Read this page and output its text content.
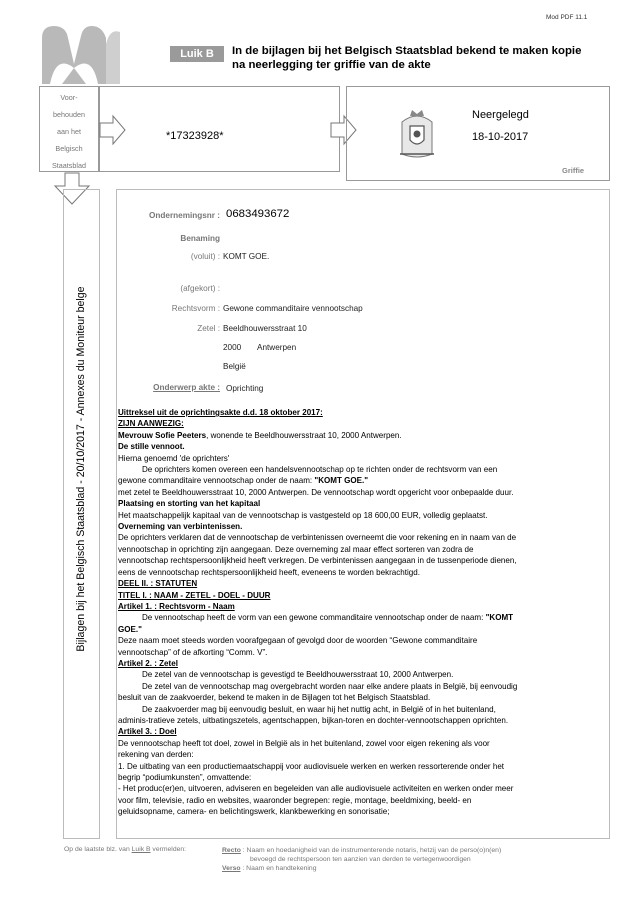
Mod PDF 11.1
Luik B	In de bijlagen bij het Belgisch Staatsblad bekend te maken kopie
na neerlegging ter griffie van de akte
Voor-
behouden
aan het
Belgisch
Staatsblad
*17323928*
Neergelegd
18-10-2017
Griffie
Bijlagen bij het Belgisch Staatsblad - 20/10/2017 - Annexes du Moniteur belge
Ondernemingsnr : 0683493672
Benaming
(voluit) : KOMT GOE.
(afgekort) :
Rechtsvorm : Gewone commanditaire vennootschap
Zetel : Beeldhouwersstraat 10
2000 Antwerpen
België
Onderwerp akte : Oprichting

Uittreksel uit de oprichtingsakte d.d. 18 oktober 2017:

ZIJN AANWEZIG:

Mevrouw Sofie Peeters, wonende te Beeldhouwersstraat 10, 2000 Antwerpen.

De stille vennoot.

Hierna genoemd 'de oprichters'

De oprichters komen overeen een handelsvennootschap op te richten onder de rechtsvorm van een

gewone commanditaire vennootschap onder de naam: "KOMT GOE."

met zetel te Beeldhouwersstraat 10, 2000 Antwerpen. De vennootschap wordt opgericht voor onbepaalde duur.

Plaatsing en storting van het kapitaal

Het maatschappelijk kapitaal van de vennootschap is vastgesteld op 18 600,00 EUR, volledig geplaatst.

Overneming van verbintenissen.

De oprichters verklaren dat de vennootschap de verbintenissen overneemt die voor rekening en in naam van de

vennootschap in oprichting zijn aangegaan. Deze overneming zal maar effect sorteren van zodra de

vennootschap rechtspersoonlijkheid heeft verkregen. De verbintenissen aangegaan in de tussenperiode dienen,

eens de vennootschap rechtspersoonlijkheid heeft, eveneens te worden bekrachtigd.

DEEL II. : STATUTEN

TITEL I. : NAAM - ZETEL - DOEL - DUUR

Artikel 1. : Rechtsvorm - Naam

De vennootschap heeft de vorm van een gewone commanditaire vennootschap onder de naam: "KOMT

GOE."

Deze naam moet steeds worden voorafgegaan of gevolgd door de woorden “Gewone commanditaire

vennootschap” of de afkorting “Comm. V”.

Artikel 2. : Zetel

De zetel van de vennootschap is gevestigd te Beeldhouwersstraat 10, 2000 Antwerpen.

De zetel van de vennootschap mag overgebracht worden naar elke andere plaats in België, bij eenvoudig

besluit van de zaakvoerder, bekend te maken in de Bijlagen tot het Belgisch Staatsblad.

De zaakvoerder mag bij eenvoudig besluit, en waar hij het nuttig acht, in België of in het buitenland,

adminis-tratieve zetels, uitbatingszetels, agentschappen, bijkan-toren en dochter-vennootschappen oprichten.

Artikel 3. : Doel

De vennootschap heeft tot doel, zowel in België als in het buitenland, zowel voor eigen rekening als voor

rekening van derden:

1. De uitbating van een productiemaatschappij voor audiovisuele werken en werken ressorterende onder het

begrip “podiumkunsten”, omvattende:

- Het produc(er)en, uitvoeren, adviseren en begeleiden van alle audiovisuele activiteiten en werken onder meer

voor film, televisie, radio en websites, waaronder begrepen: regie, montage, beeldmixing, beeld- en

geluidsopname, camera- en belichtingswerk, klankbewerking en sonorisatie;

Op de laatste blz. van Luik B vermelden:	Recto : Naam en hoedanigheid van de instrumenterende notaris, hetzij van de perso(o)n(en)
bevoegd de rechtspersoon ten aanzien van derden te vertegenwoordigen
Verso : Naam en handtekening
